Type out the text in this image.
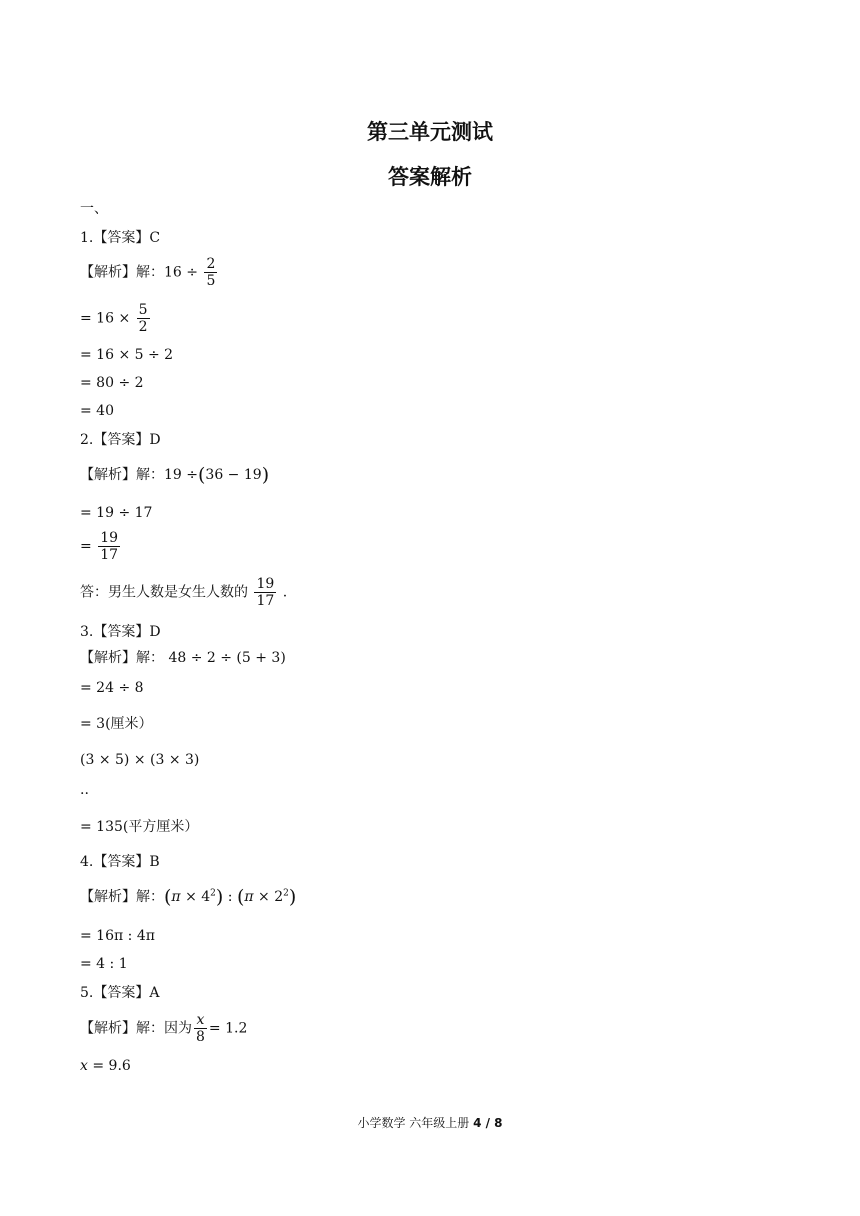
第三单元测试
答案解析
一、
1.【答案】C
【解析】解：$16 \div \frac{2}{5}$
= $16 \times \frac{5}{2}$
= 16 × 5 ÷ 2
= 80 ÷ 2
= 40
2.【答案】D
【解析】解：19 ÷(36 − 19)
= 19 ÷ 17
= $\frac{19}{17}$
答：男生人数是女生人数的 $\frac{19}{17}$ .
3.【答案】D
【解析】解： 48 ÷ 2 ÷ (5 + 3)
= 24 ÷ 8
= 3(厘米）
(3 × 5) × (3 × 3)
..
= 135(平方厘米）
4.【答案】B
【解析】解：$(\pi \times 4^2)$ : $(\pi \times 2^2)$
= 16π : 4π
= 4 : 1
5.【答案】A
【解析】解：因为 $\frac{x}{8} = 1.2$
x = 9.6
小学数学 六年级上册 4 / 8
